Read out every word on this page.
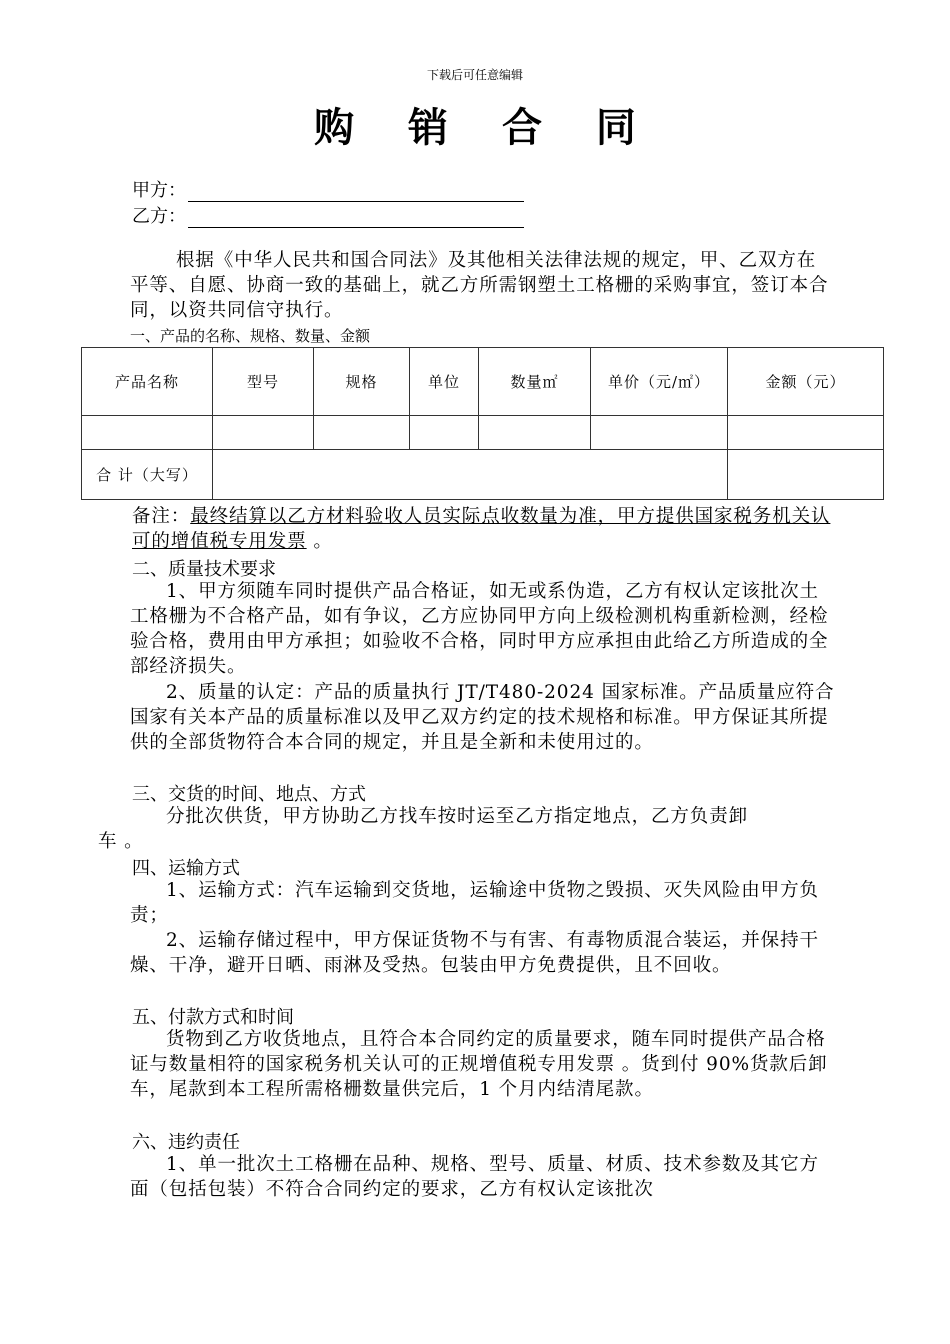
下载后可任意编辑
购 销 合 同
甲方：
乙方：
根据《中华人民共和国合同法》及其他相关法律法规的规定，甲、乙双方在平等、自愿、协商一致的基础上，就乙方所需钢塑土工格栅的采购事宜，签订本合同，以资共同信守执行。
一、产品的名称、规格、数量、金额
产品名称	型号	规格	单位	数量㎡	单价（元/㎡）	金额（元）

合 计（大写）						
备注：最终结算以乙方材料验收人员实际点收数量为准，甲方提供国家税务机关认可的增值税专用发票 。
二、质量技术要求
1、甲方须随车同时提供产品合格证，如无或系伪造，乙方有权认定该批次土工格栅为不合格产品，如有争议，乙方应协同甲方向上级检测机构重新检测，经检验合格，费用由甲方承担；如验收不合格，同时甲方应承担由此给乙方所造成的全部经济损失。
2、质量的认定：产品的质量执行 JT/T480-2024 国家标准。产品质量应符合国家有关本产品的质量标准以及甲乙双方约定的技术规格和标准。甲方保证其所提供的全部货物符合本合同的规定，并且是全新和未使用过的。
三、交货的时间、地点、方式
分批次供货，甲方协助乙方找车按时运至乙方指定地点，乙方负责卸
车 。
四、运输方式
1、运输方式：汽车运输到交货地，运输途中货物之毁损、灭失风险由甲方负责；
2、运输存储过程中，甲方保证货物不与有害、有毒物质混合装运，并保持干燥、干净，避开日晒、雨淋及受热。包装由甲方免费提供，且不回收。
五、付款方式和时间
货物到乙方收货地点，且符合本合同约定的质量要求，随车同时提供产品合格证与数量相符的国家税务机关认可的正规增值税专用发票 。货到付 90%货款后卸车，尾款到本工程所需格栅数量供完后，1 个月内结清尾款。
六、违约责任
1、单一批次土工格栅在品种、规格、型号、质量、材质、技术参数及其它方面（包括包装）不符合合同约定的要求，乙方有权认定该批次
